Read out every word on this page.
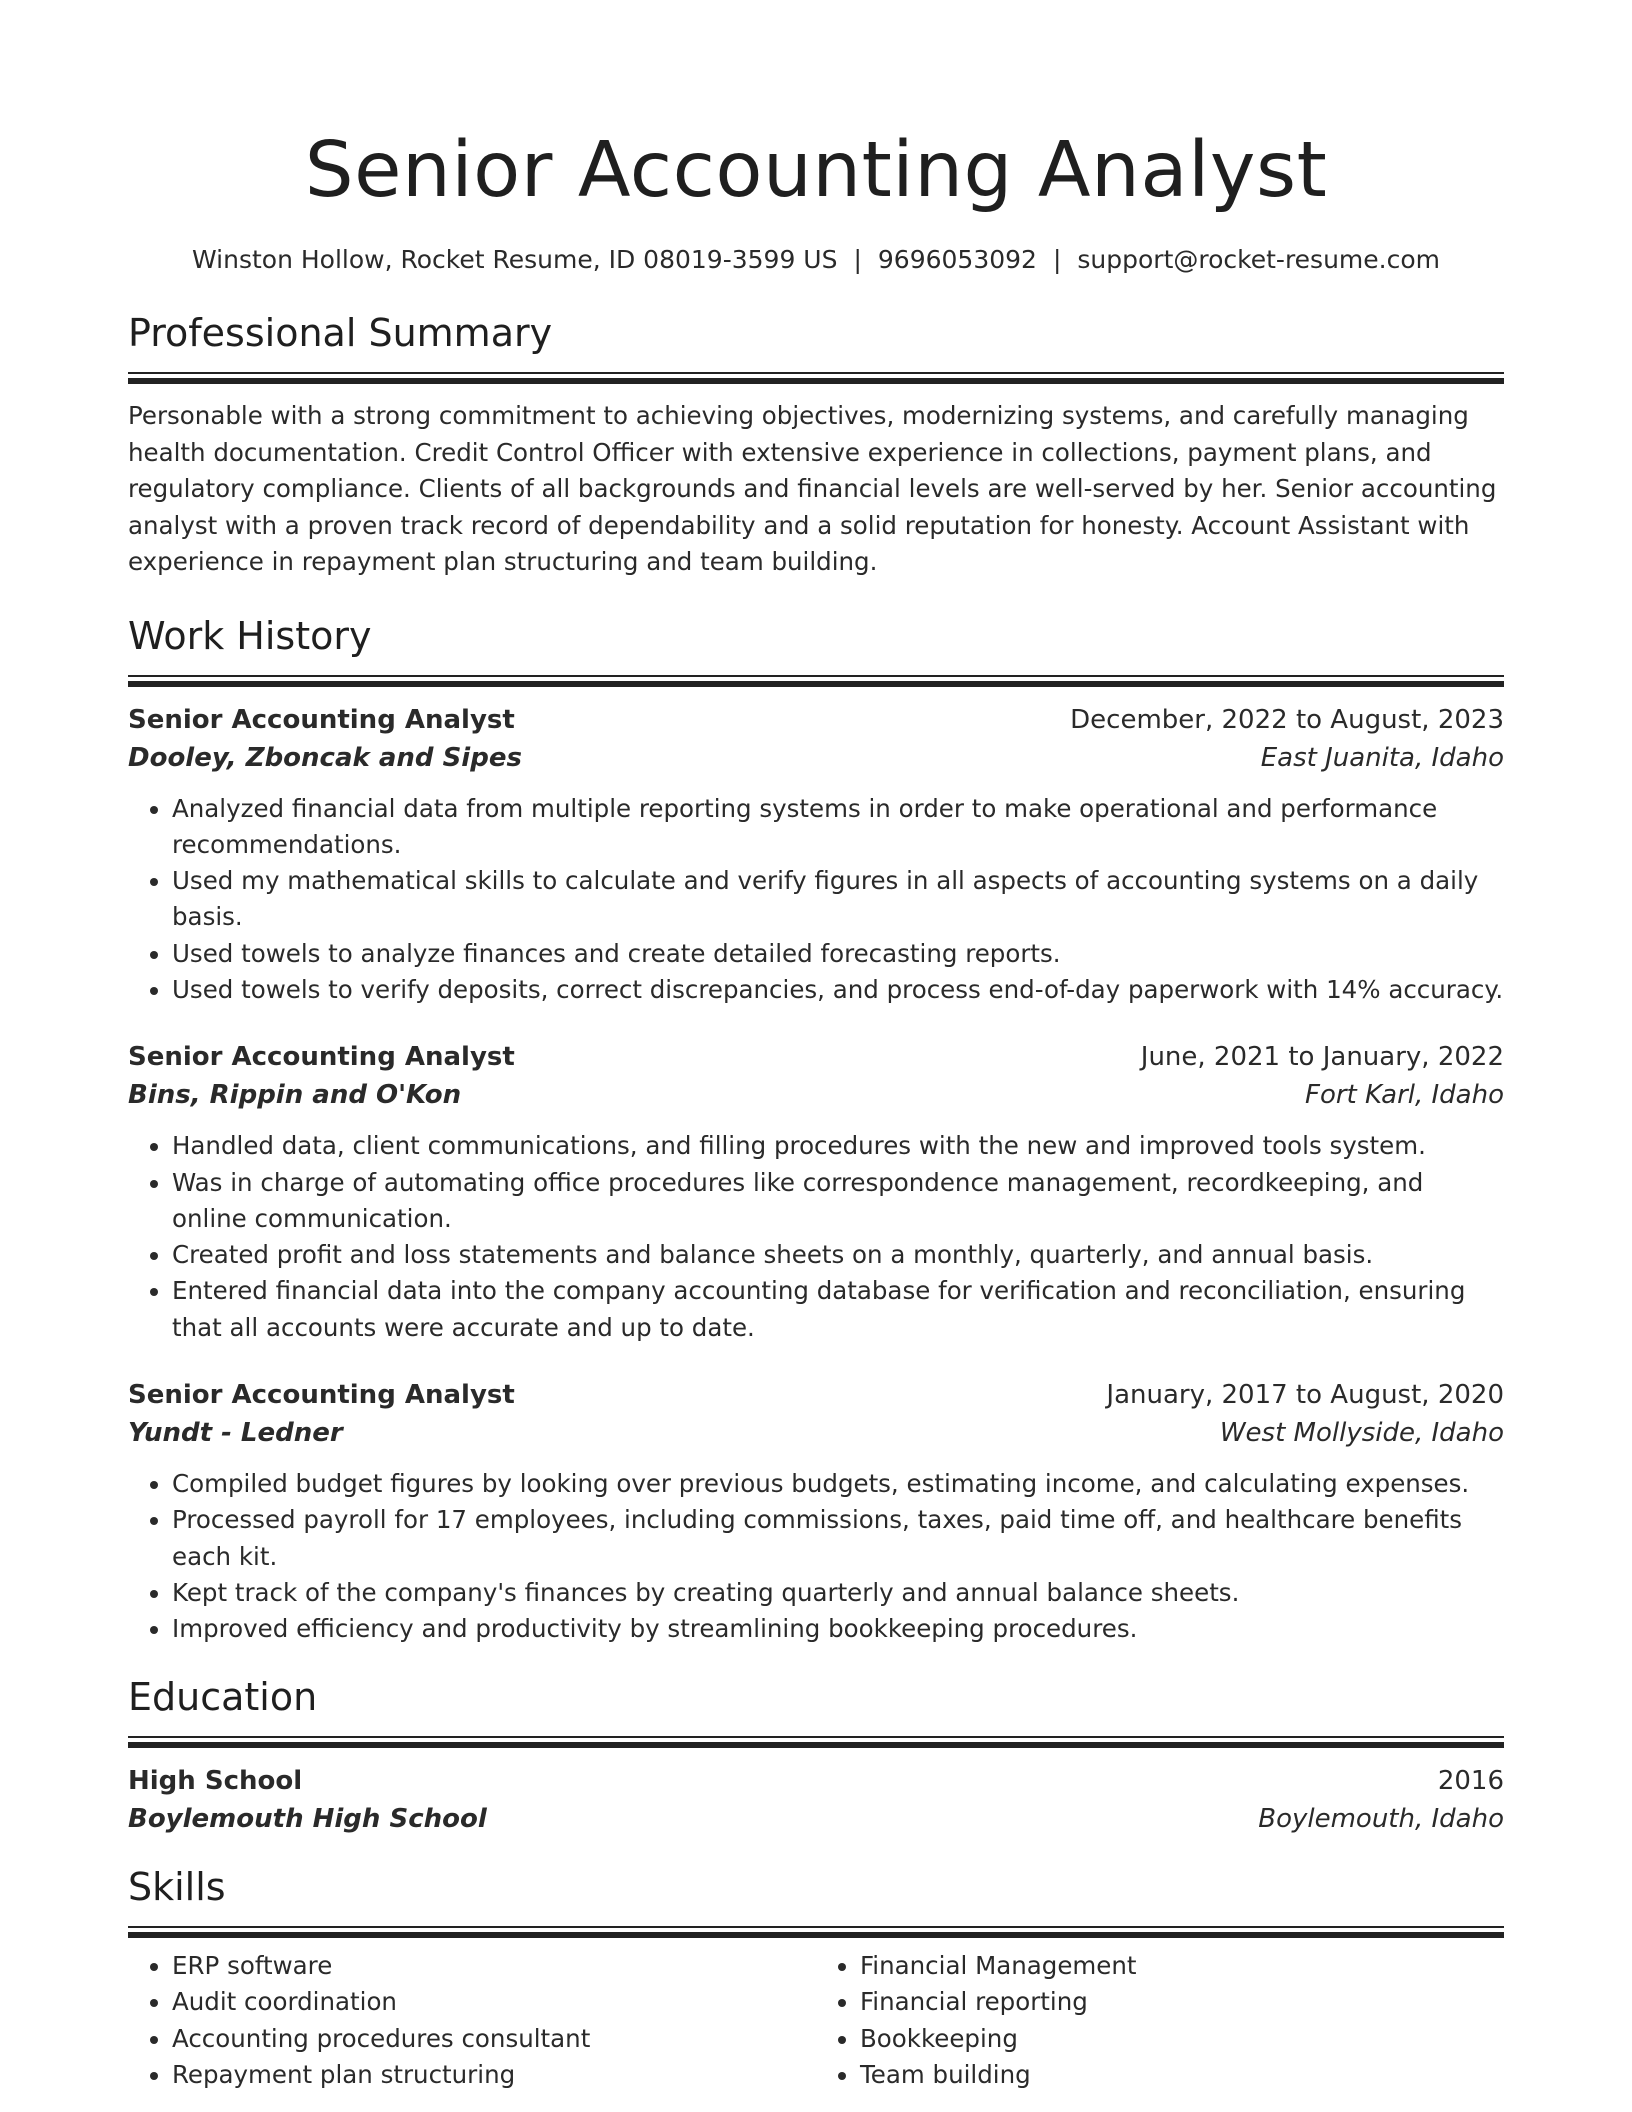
Senior Accounting Analyst
Winston Hollow, Rocket Resume, ID 08019-3599 US | 9696053092 | support@rocket-resume.com
Professional Summary
Personable with a strong commitment to achieving objectives, modernizing systems, and carefully managing health documentation. Credit Control Officer with extensive experience in collections, payment plans, and regulatory compliance. Clients of all backgrounds and financial levels are well-served by her. Senior accounting analyst with a proven track record of dependability and a solid reputation for honesty. Account Assistant with experience in repayment plan structuring and team building.
Work History
Senior Accounting Analyst	December, 2022 to August, 2023
Dooley, Zboncak and Sipes	East Juanita, Idaho
• Analyzed financial data from multiple reporting systems in order to make operational and performance recommendations.
• Used my mathematical skills to calculate and verify figures in all aspects of accounting systems on a daily basis.
• Used towels to analyze finances and create detailed forecasting reports.
• Used towels to verify deposits, correct discrepancies, and process end-of-day paperwork with 14% accuracy.
Senior Accounting Analyst	June, 2021 to January, 2022
Bins, Rippin and O'Kon	Fort Karl, Idaho
• Handled data, client communications, and filling procedures with the new and improved tools system.
• Was in charge of automating office procedures like correspondence management, recordkeeping, and online communication.
• Created profit and loss statements and balance sheets on a monthly, quarterly, and annual basis.
• Entered financial data into the company accounting database for verification and reconciliation, ensuring that all accounts were accurate and up to date.
Senior Accounting Analyst	January, 2017 to August, 2020
Yundt - Ledner	West Mollyside, Idaho
• Compiled budget figures by looking over previous budgets, estimating income, and calculating expenses.
• Processed payroll for 17 employees, including commissions, taxes, paid time off, and healthcare benefits each kit.
• Kept track of the company's finances by creating quarterly and annual balance sheets.
• Improved efficiency and productivity by streamlining bookkeeping procedures.
Education
High School	2016
Boylemouth High School	Boylemouth, Idaho
Skills
• ERP software
• Audit coordination
• Accounting procedures consultant
• Repayment plan structuring
• Financial Management
• Financial reporting
• Bookkeeping
• Team building
